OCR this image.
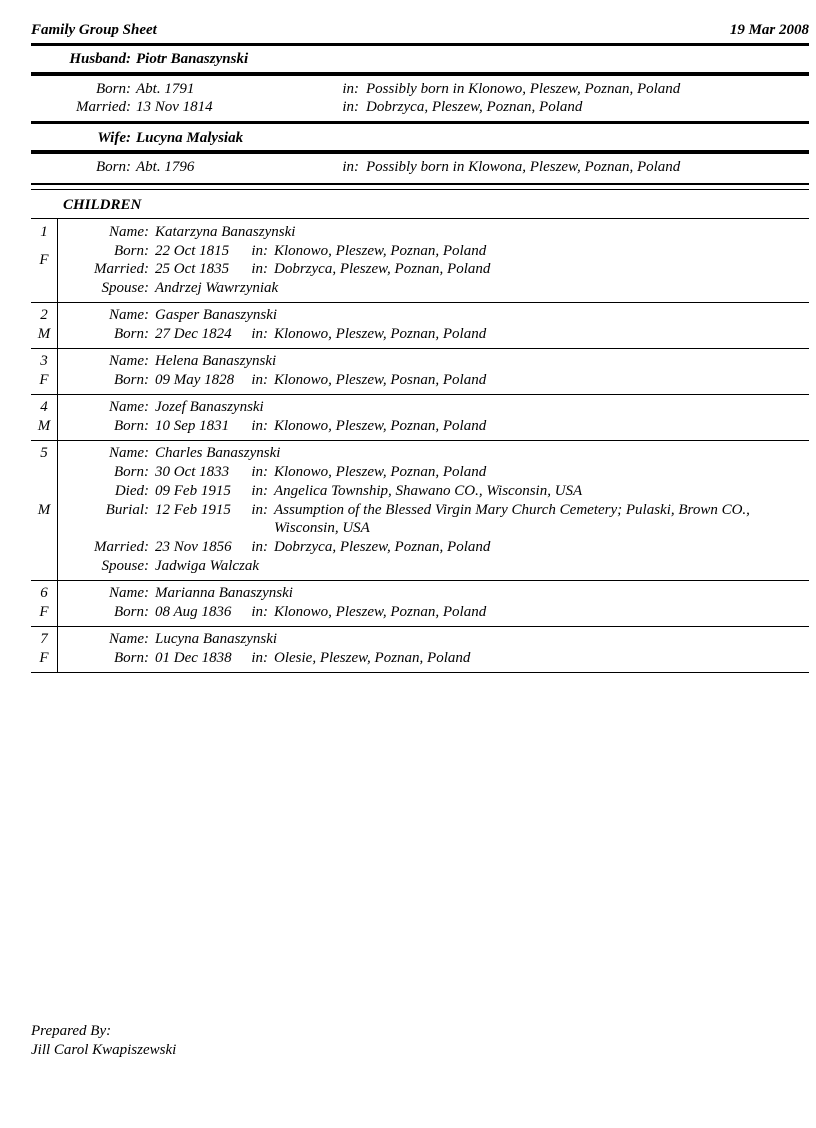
Family Group Sheet	19 Mar 2008
Husband: Piotr Banaszynski
Born: Abt. 1791	in: Possibly born in Klonowo, Pleszew, Poznan, Poland
Married: 13 Nov 1814	in: Dobrzyca, Pleszew, Poznan, Poland
Wife: Lucyna Malysiak
Born: Abt. 1796	in: Possibly born in Klowona, Pleszew, Poznan, Poland
CHILDREN
1
F
Name: Katarzyna Banaszynski
Born: 22 Oct 1815 in: Klonowo, Pleszew, Poznan, Poland
Married: 25 Oct 1835 in: Dobrzyca, Pleszew, Poznan, Poland
Spouse: Andrzej Wawrzyniak
2
M
Name: Gasper Banaszynski
Born: 27 Dec 1824 in: Klonowo, Pleszew, Poznan, Poland
3
F
Name: Helena Banaszynski
Born: 09 May 1828 in: Klonowo, Pleszew, Posnan, Poland
4
M
Name: Jozef Banaszynski
Born: 10 Sep 1831 in: Klonowo, Pleszew, Poznan, Poland
5
M
Name: Charles Banaszynski
Born: 30 Oct 1833 in: Klonowo, Pleszew, Poznan, Poland
Died: 09 Feb 1915 in: Angelica Township, Shawano CO., Wisconsin, USA
Burial: 12 Feb 1915 in: Assumption of the Blessed Virgin Mary Church Cemetery; Pulaski, Brown CO.,
Wisconsin, USA
Married: 23 Nov 1856 in: Dobrzyca, Pleszew, Poznan, Poland
Spouse: Jadwiga Walczak
6
F
Name: Marianna Banaszynski
Born: 08 Aug 1836 in: Klonowo, Pleszew, Poznan, Poland
7
F
Name: Lucyna Banaszynski
Born: 01 Dec 1838 in: Olesie, Pleszew, Poznan, Poland
Prepared By:
Jill Carol Kwapiszewski
